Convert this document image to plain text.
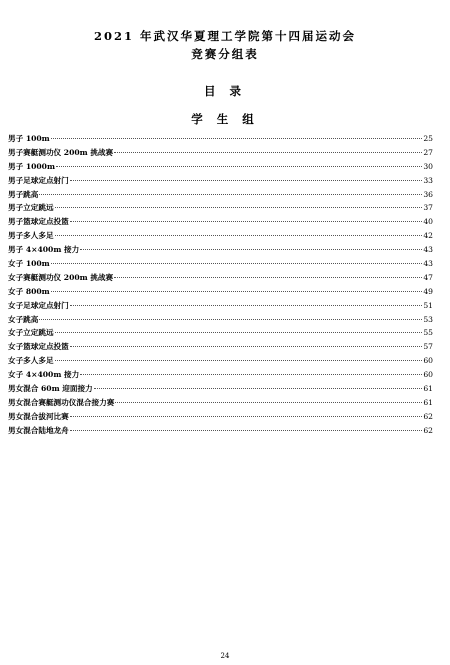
2021 年武汉华夏理工学院第十四届运动会
竞赛分组表
目 录
学 生 组
男子 100m	25
男子赛艇测功仪 200m 挑战赛	27
男子 1000m	30
男子足球定点射门	33
男子跳高	36
男子立定跳远	37
男子篮球定点投篮	40
男子多人多足	42
男子 4×400m 接力	43
女子 100m	43
女子赛艇测功仪 200m 挑战赛	47
女子 800m	49
女子足球定点射门	51
女子跳高	53
女子立定跳远	55
女子篮球定点投篮	57
女子多人多足	60
女子 4×400m 接力	60
男女混合 60m 迎面接力	61
男女混合赛艇测功仪混合接力赛	61
男女混合拔河比赛	62
男女混合陆地龙舟	62
24
